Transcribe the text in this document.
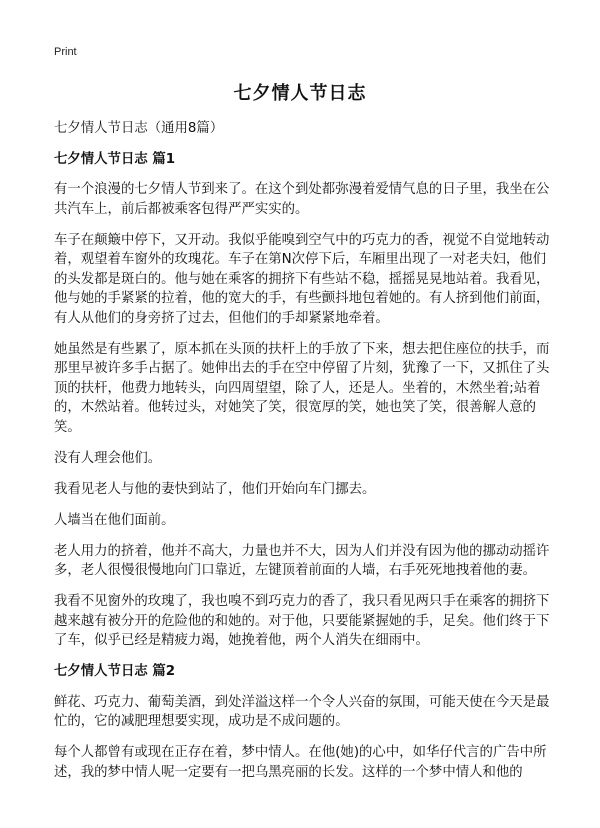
Print
七夕情人节日志

七夕情人节日志（通用8篇）

七夕情人节日志 篇1

有一个浪漫的七夕情人节到来了。在这个到处都弥漫着爱情气息的日子里，我坐在公共汽车上，前后都被乘客包得严严实实的。

车子在颠簸中停下，又开动。我似乎能嗅到空气中的巧克力的香，视觉不自觉地转动着，观望着车窗外的玫瑰花。车子在第N次停下后，车厢里出现了一对老夫妇，他们的头发都是斑白的。他与她在乘客的拥挤下有些站不稳，摇摇晃晃地站着。我看见，他与她的手紧紧的拉着，他的宽大的手，有些颤抖地包着她的。有人挤到他们前面，有人从他们的身旁挤了过去，但他们的手却紧紧地牵着。

她虽然是有些累了，原本抓在头顶的扶杆上的手放了下来，想去把住座位的扶手，而那里早被许多手占据了。她伸出去的手在空中停留了片刻，犹豫了一下，又抓住了头顶的扶杆，他费力地转头，向四周望望，除了人，还是人。坐着的，木然坐着;站着的，木然站着。他转过头，对她笑了笑，很宽厚的笑，她也笑了笑，很善解人意的笑。

没有人理会他们。

我看见老人与他的妻快到站了，他们开始向车门挪去。

人墙当在他们面前。

老人用力的挤着，他并不高大，力量也并不大，因为人们并没有因为他的挪动动摇许多，老人很慢很慢地向门口靠近，左键顶着前面的人墙，右手死死地拽着他的妻。

我看不见窗外的玫瑰了，我也嗅不到巧克力的香了，我只看见两只手在乘客的拥挤下越来越有被分开的危险他的和她的。对于他，只要能紧握她的手，足矣。他们终于下了车，似乎已经是精疲力竭，她挽着他，两个人消失在细雨中。

七夕情人节日志 篇2

鲜花、巧克力、葡萄美酒，到处洋溢这样一个令人兴奋的氛围，可能天使在今天是最忙的，它的减肥理想要实现，成功是不成问题的。

每个人都曾有或现在正存在着，梦中情人。在他(她)的心中，如华仔代言的广告中所述，我的梦中情人呢一定要有一把乌黑亮丽的长发。这样的一个梦中情人和他的
